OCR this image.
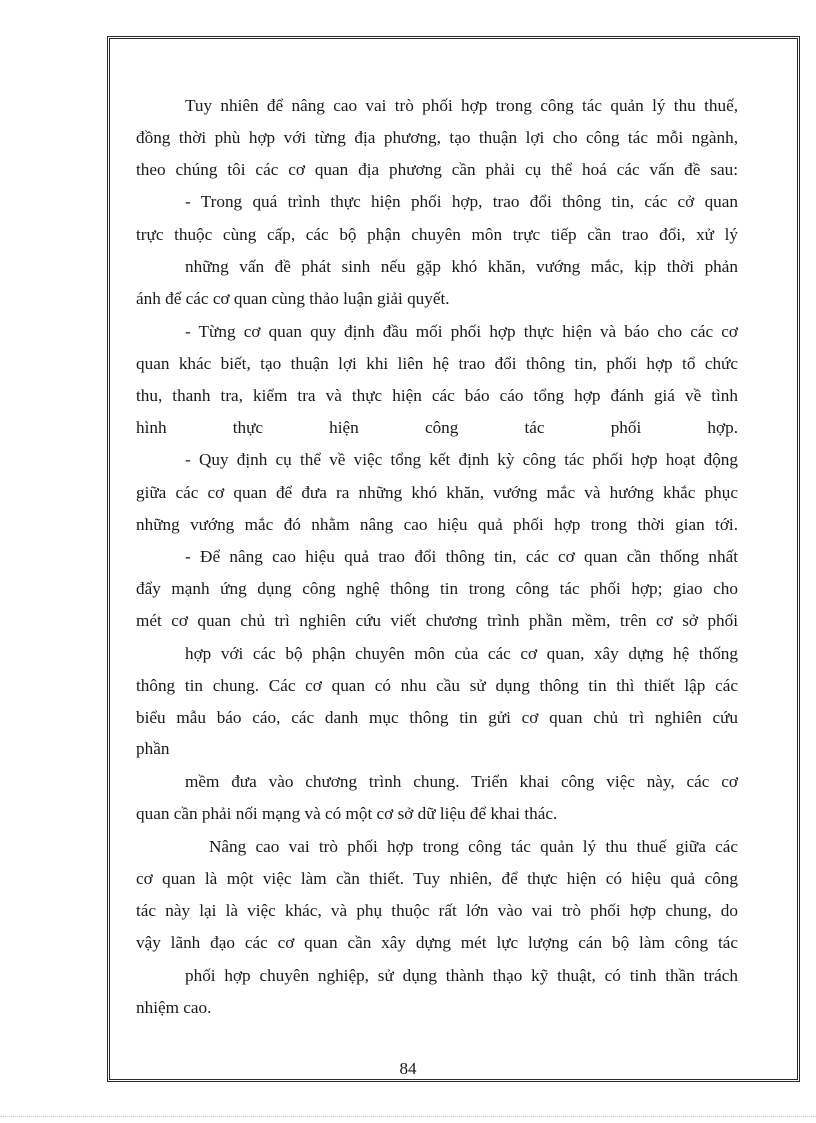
Tuy nhiên để nâng cao vai trò phối hợp trong công tác quản lý thu thuế,
đồng thời phù hợp với từng địa phương, tạo thuận lợi cho công tác mỗi ngành,
theo chúng tôi các cơ quan địa phương cần phải cụ thể hoá các vấn đề sau:
- Trong quá trình thực hiện phối hợp, trao đổi thông tin, các cở quan
trực thuộc cùng cấp, các bộ phận chuyên môn trực tiếp cần trao đổi, xử lý
những vấn đề phát sinh nếu gặp khó khăn, vướng mắc, kịp thời phản
ánh để các cơ quan cùng thảo luận giải quyết.
- Từng cơ quan quy định đầu mối phối hợp thực hiện và báo cho các cơ
quan khác biết, tạo thuận lợi khi liên hệ trao đổi thông tin, phối hợp tổ chức
thu, thanh tra, kiểm tra và thực hiện các báo cáo tổng hợp đánh giá về tình
hình thực hiện công tác phối hợp.
- Quy định cụ thể về việc tổng kết định kỳ công tác phối hợp hoạt động
giữa các cơ quan để đưa ra những khó khăn, vướng mắc và hướng khắc phục
những vướng mắc đó nhằm nâng cao hiệu quả phối hợp trong thời gian tới.
- Để nâng cao hiệu quả trao đổi thông tin, các cơ quan cần thống nhất
đẩy mạnh ứng dụng công nghệ thông tin trong công tác phối hợp; giao cho
mét cơ quan chủ trì nghiên cứu viết chương trình phần mềm, trên cơ sở phối
hợp với các bộ phận chuyên môn của các cơ quan, xây dựng hệ thống
thông tin chung. Các cơ quan có nhu cầu sử dụng thông tin thì thiết lập các
biểu mẫu báo cáo, các danh mục thông tin gửi cơ quan chủ trì nghiên cứu
phần
mềm đưa vào chương trình chung. Triển khai công việc này, các cơ
quan cần phải nối mạng và có một cơ sở dữ liệu để khai thác.
Nâng cao vai trò phối hợp trong công tác quản lý thu thuế giữa các
cơ quan là một việc làm cần thiết. Tuy nhiên, để thực hiện có hiệu quả công
tác này lại là việc khác, và phụ thuộc rất lớn vào vai trò phối hợp chung, do
vậy lãnh đạo các cơ quan cần xây dựng mét lực lượng cán bộ làm công tác
phối hợp chuyên nghiệp, sử dụng thành thạo kỹ thuật, có tinh thần trách
nhiệm cao.
84
